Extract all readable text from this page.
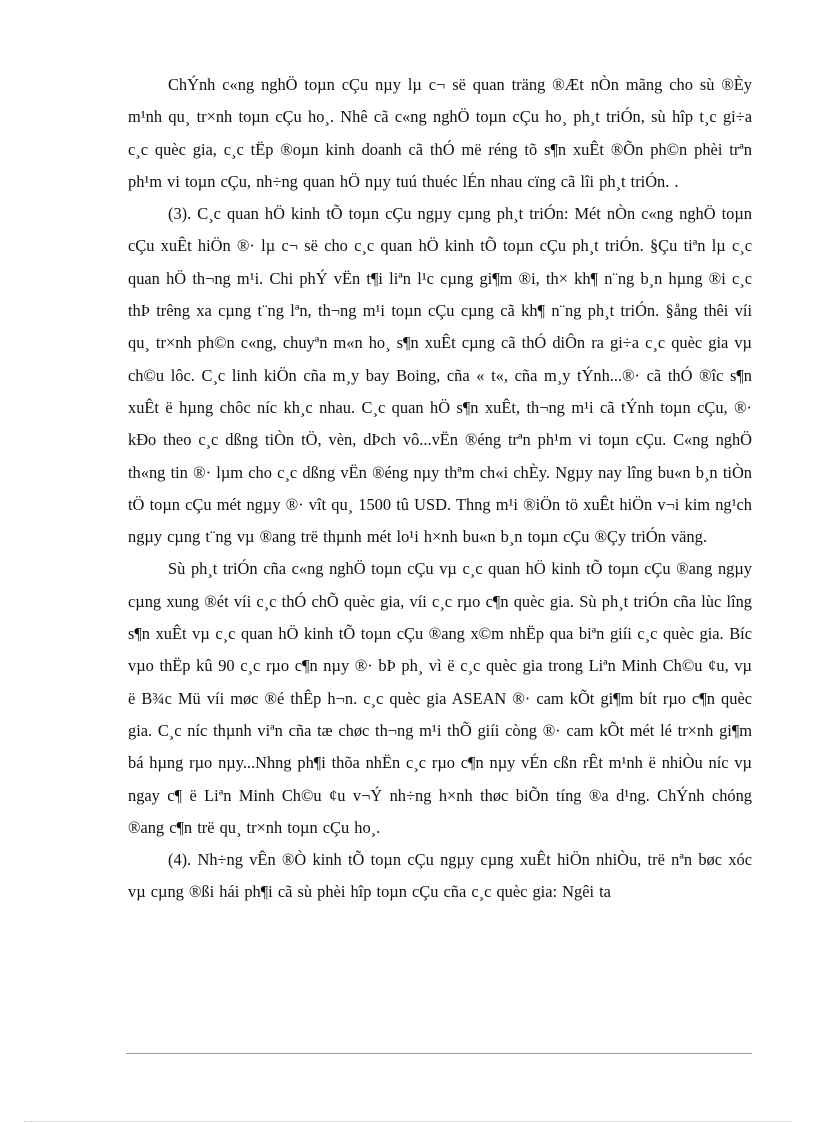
ChÝnh c«ng nghÖ toµn cÇu nµy lµ c¬ së quan träng ®Æt nÒn mãng cho sù ®Èy m¹nh qu¸ tr×nh toµn cÇu ho¸. Nhê cã c«ng nghÖ toµn cÇu ho¸ ph¸t triÓn, sù hîp t¸c gi÷a c¸c quèc gia, c¸c tËp ®oµn kinh doanh cã thÓ më réng tõ s¶n xuÊt ®Õn ph©n phèi trªn ph¹m vi toµn cÇu, nh÷ng quan hÖ nµy tuú thuéc lÉn nhau cïng cã lîi ph¸t triÓn. .

(3). C¸c quan hÖ kinh tÕ toµn cÇu ngµy cµng ph¸t triÓn: Mét nÒn c«ng nghÖ toµn cÇu xuÊt hiÖn ®· lµ c¬ së cho c¸c quan hÖ kinh tÕ toµn cÇu ph¸t triÓn. §Çu tiªn lµ c¸c quan hÖ th¬ng m¹i. Chi phÝ vËn t¶i liªn l¹c cµng gi¶m ®i, th× kh¶ n¨ng b¸n hµng ®i c¸c thÞ trêng xa cµng t¨ng lªn, th¬ng m¹i toµn cÇu cµng cã kh¶ n¨ng ph¸t triÓn. §ång thêi víi qu¸ tr×nh ph©n c«ng, chuyªn m«n ho¸ s¶n xuÊt cµng cã thÓ diÔn ra gi÷a c¸c quèc gia vµ ch©u lôc. C¸c linh kiÖn cña m¸y bay Boing, cña « t«, cña m¸y tÝnh...®· cã thÓ ®îc s¶n xuÊt ë hµng chôc níc kh¸c nhau. C¸c quan hÖ s¶n xuÊt, th¬ng m¹i cã tÝnh toµn cÇu, ®· kÐo theo c¸c dßng tiÒn tÖ, vèn, dÞch vô...vËn ®éng trªn ph¹m vi toµn cÇu. C«ng nghÖ th«ng tin ®· lµm cho c¸c dßng vËn ®éng nµy thªm ch«i chÈy. Ngµy nay lîng bu«n b¸n tiÒn tÖ toµn cÇu mét ngµy ®· vît qu¸ 1500 tû USD. Thng m¹i ®iÖn tö xuÊt hiÖn v¬i kim ng¹ch ngµy cµng t¨ng vµ ®ang trë thµnh mét lo¹i h×nh bu«n b¸n toµn cÇu ®Çy triÓn väng.

Sù ph¸t triÓn cña c«ng nghÖ toµn cÇu vµ c¸c quan hÖ kinh tÕ toµn cÇu ®ang ngµy cµng xung ®ét víi c¸c thÓ chÕ quèc gia, víi c¸c rµo c¶n quèc gia. Sù ph¸t triÓn cña lùc lîng s¶n xuÊt vµ c¸c quan hÖ kinh tÕ toµn cÇu ®ang x©m nhËp qua biªn giíi c¸c quèc gia. Bíc vµo thËp kû 90 c¸c rµo c¶n nµy ®· bÞ ph¸ vì ë c¸c quèc gia trong Liªn Minh Ch©u ¢u, vµ ë B¾c Mü víi møc ®é thÊp h¬n. c¸c quèc gia ASEAN ®· cam kÕt gi¶m bít rµo c¶n quèc gia. C¸c níc thµnh viªn cña tæ chøc th¬ng m¹i thÕ giíi còng ®· cam kÕt mét lé tr×nh gi¶m bá hµng rµo nµy...Nhng ph¶i thõa nhËn c¸c rµo c¶n nµy vÉn cßn rÊt m¹nh ë nhiÒu níc vµ ngay c¶ ë Liªn Minh Ch©u ¢u v¬Ý nh÷ng h×nh thøc biÕn tíng ®a d¹ng. ChÝnh chóng ®ang c¶n trë qu¸ tr×nh toµn cÇu ho¸.

(4). Nh÷ng vÊn ®Ò kinh tÕ toµn cÇu ngµy cµng xuÊt hiÖn nhiÒu, trë nªn bøc xóc vµ cµng ®ßi hái ph¶i cã sù phèi hîp toµn cÇu cña c¸c quèc gia: Ngêi ta
